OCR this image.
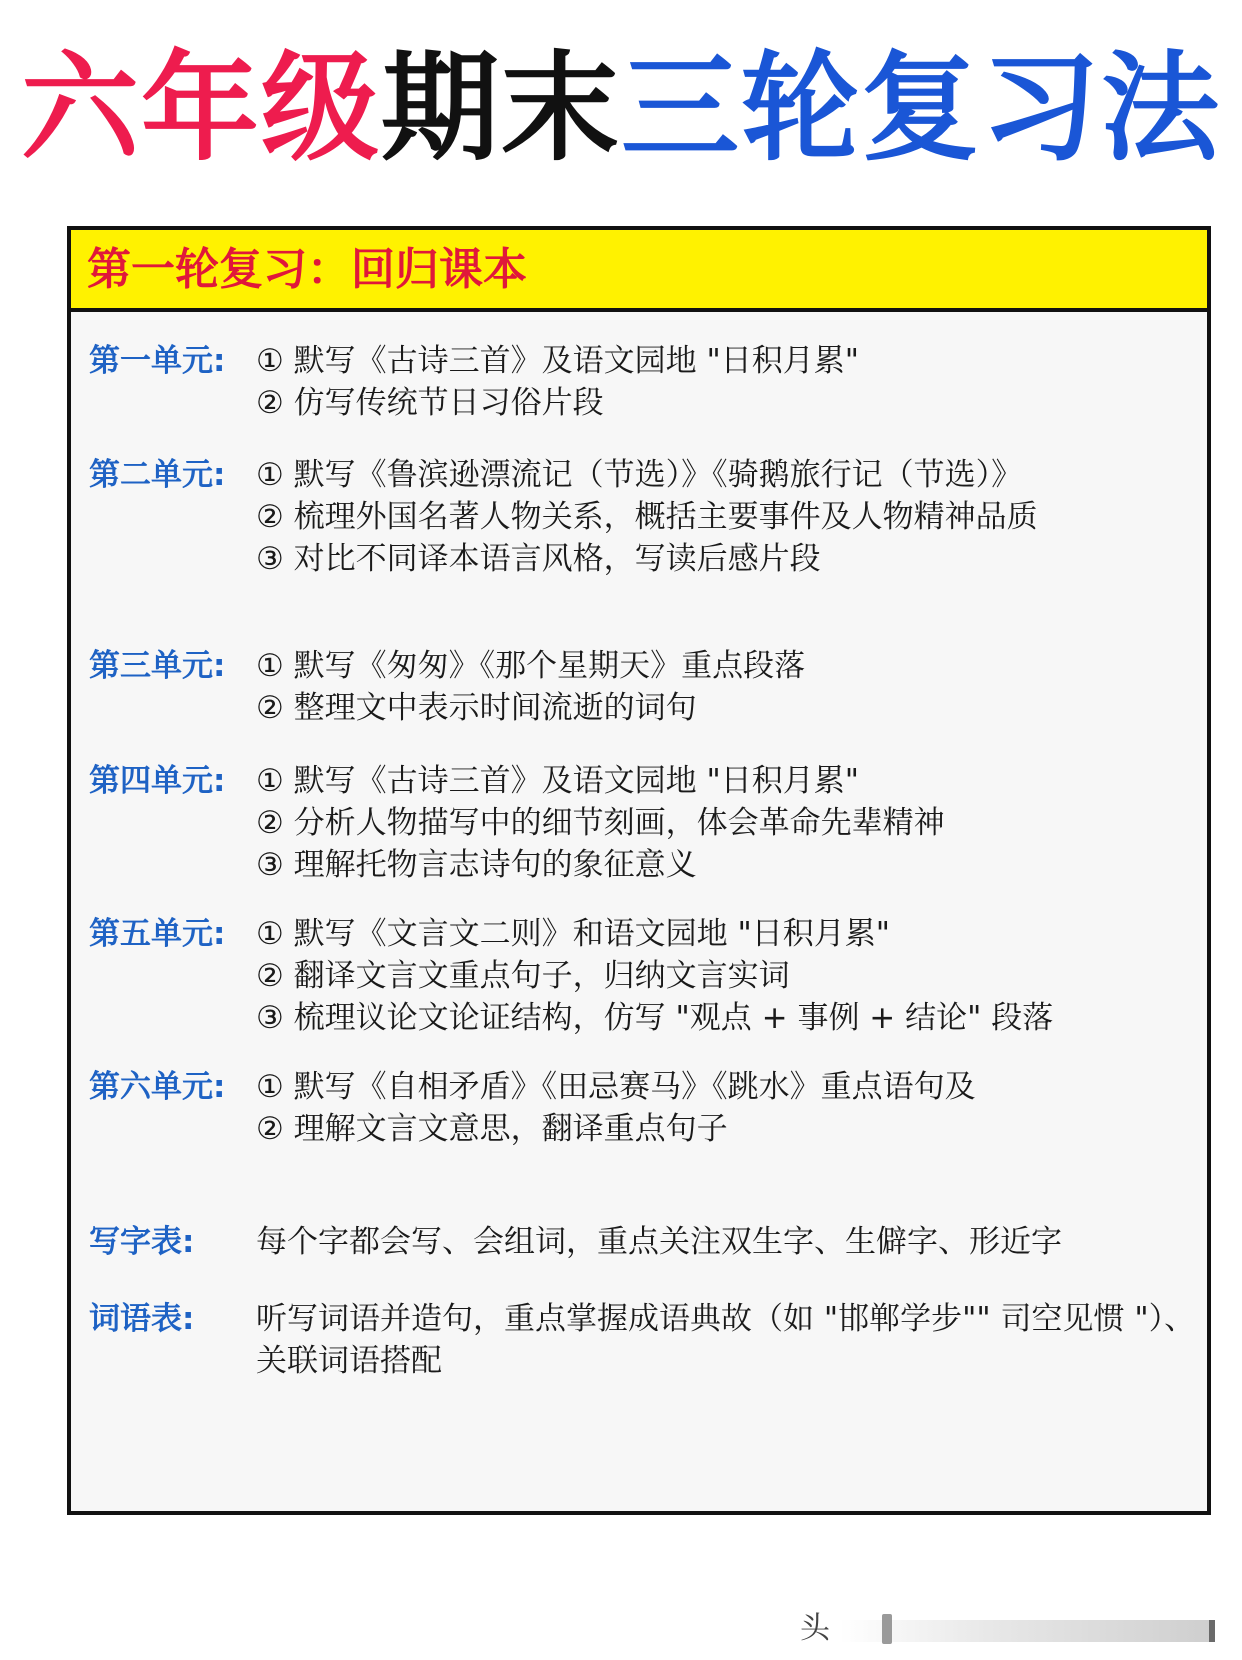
六年级期末三轮复习法
第一轮复习：回归课本
第一单元: ① 默写《古诗三首》及语文园地 "日积月累"
② 仿写传统节日习俗片段
第二单元: ① 默写《鲁滨逊漂流记（节选）》《骑鹅旅行记（节选）》
② 梳理外国名著人物关系，概括主要事件及人物精神品质
③ 对比不同译本语言风格，写读后感片段
第三单元: ① 默写《匆匆》《那个星期天》重点段落
② 整理文中表示时间流逝的词句
第四单元: ① 默写《古诗三首》及语文园地 "日积月累"
② 分析人物描写中的细节刻画，体会革命先辈精神
③ 理解托物言志诗句的象征意义
第五单元: ① 默写《文言文二则》和语文园地 "日积月累"
② 翻译文言文重点句子，归纳文言实词
③ 梳理议论文论证结构，仿写 "观点 + 事例 + 结论" 段落
第六单元: ① 默写《自相矛盾》《田忌赛马》《跳水》重点语句及
② 理解文言文意思，翻译重点句子
写字表: 每个字都会写、会组词，重点关注双生字、生僻字、形近字
词语表: 听写词语并造句，重点掌握成语典故（如 "邯郸学步"" 司空见惯 "）、关联词语搭配
头
